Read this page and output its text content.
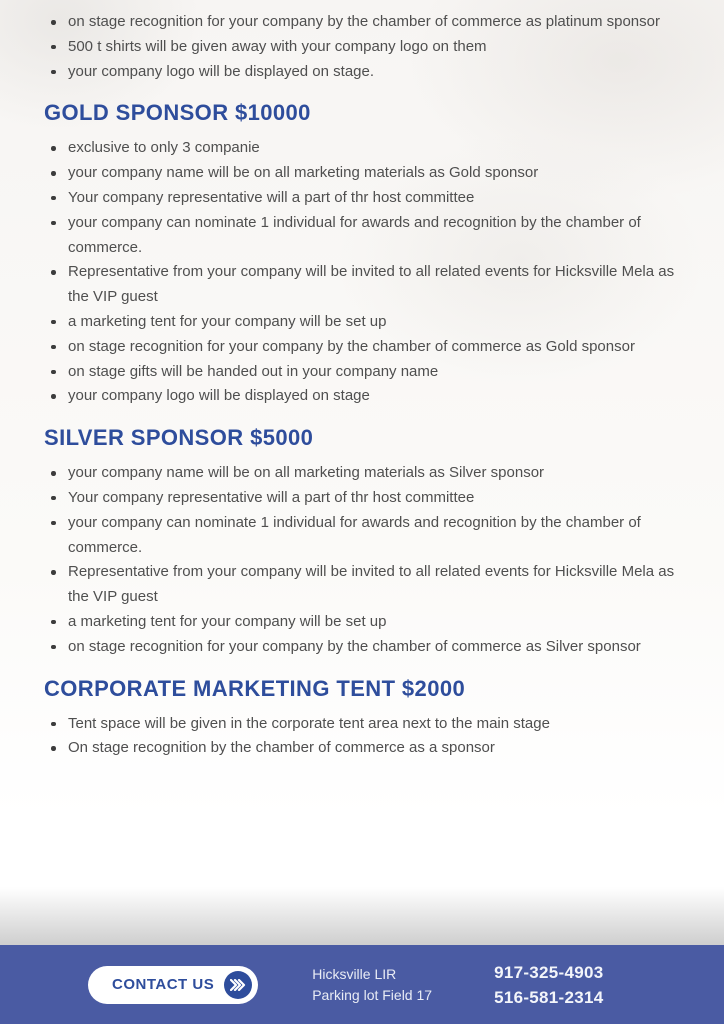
on stage recognition for your company by the chamber of commerce as platinum sponsor
500 t shirts will be given away with your company logo on them
your company logo will be displayed on stage.
GOLD SPONSOR $10000
exclusive to only 3 companie
your company name will be on all marketing materials as Gold sponsor
Your company representative will a part of thr host committee
your company can nominate 1 individual for awards and recognition by the chamber of commerce.
Representative from your company will be invited to all related events for Hicksville Mela as the VIP guest
a marketing tent for your company will be set up
on stage recognition for your company by the chamber of commerce as Gold sponsor
on stage gifts will be handed out in your company name
your company logo will be displayed on stage
SILVER SPONSOR $5000
your company name will be on all marketing materials as Silver sponsor
Your company representative will a part of thr host committee
your company can nominate 1 individual for awards and recognition by the chamber of commerce.
Representative from your company will be invited to all related events for Hicksville Mela as the VIP guest
a marketing tent for your company will be set up
on stage recognition for your company by the chamber of commerce as Silver sponsor
CORPORATE MARKETING TENT $2000
Tent space will be given in the corporate tent area next to the main stage
On stage recognition by the chamber of commerce as a sponsor
CONTACT US
Hicksville LIR
Parking lot Field 17
917-325-4903
516-581-2314
